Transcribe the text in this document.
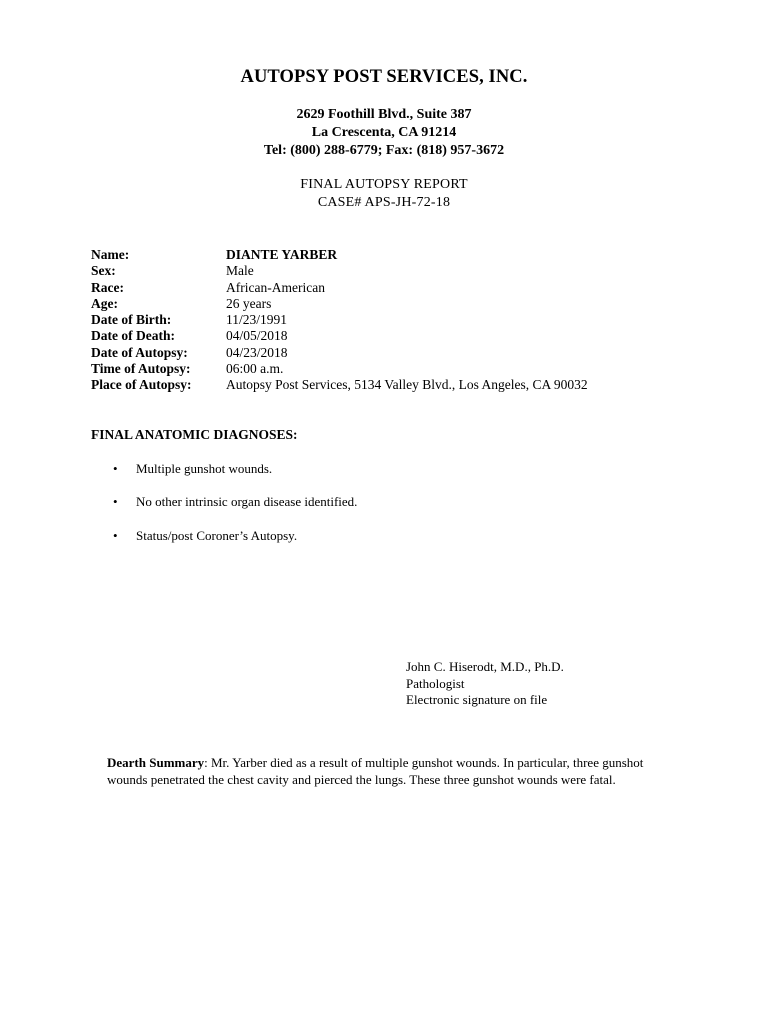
AUTOPSY POST SERVICES, INC.
2629 Foothill Blvd., Suite 387
La Crescenta, CA 91214
Tel: (800) 288-6779; Fax: (818) 957-3672
FINAL AUTOPSY REPORT
CASE# APS-JH-72-18
Name:	DIANTE YARBER
Sex:	Male
Race:	African-American
Age:	26 years
Date of Birth:	11/23/1991
Date of Death:	04/05/2018
Date of Autopsy:	04/23/2018
Time of Autopsy:	06:00 a.m.
Place of Autopsy:	Autopsy Post Services, 5134 Valley Blvd., Los Angeles, CA 90032
FINAL ANATOMIC DIAGNOSES:
• Multiple gunshot wounds.
• No other intrinsic organ disease identified.
• Status/post Coroner’s Autopsy.
John C. Hiserodt, M.D., Ph.D.
Pathologist
Electronic signature on file
Dearth Summary: Mr. Yarber died as a result of multiple gunshot wounds. In particular, three gunshot wounds penetrated the chest cavity and pierced the lungs. These three gunshot wounds were fatal.
